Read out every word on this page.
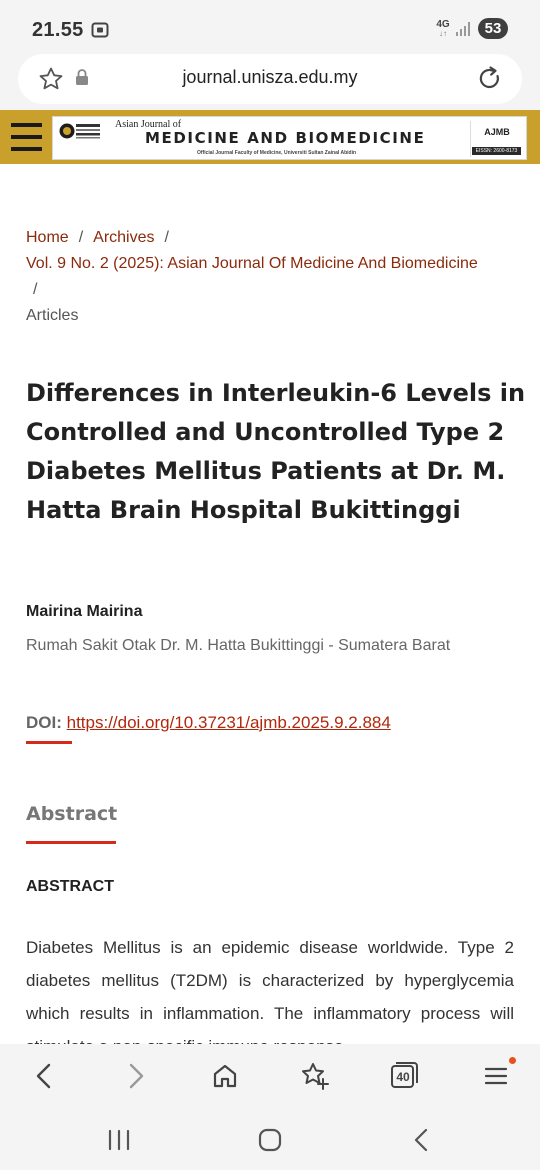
21.55	4G
↓↑	53
journal.unisza.edu.my
Asian Journal of
MEDICINE AND BIOMEDICINE
Official Journal Faculty of Medicine, Universiti Sultan Zainal Abidin
AJMB
EISSN: 2600-8173
Home / Archives /
Vol. 9 No. 2 (2025): Asian Journal Of Medicine And Biomedicine
/
Articles
Differences in Interleukin-6 Levels in Controlled and Uncontrolled Type 2 Diabetes Mellitus Patients at Dr. M. Hatta Brain Hospital Bukittinggi
Mairina Mairina
Rumah Sakit Otak Dr. M. Hatta Bukittinggi - Sumatera Barat
DOI: https://doi.org/10.37231/ajmb.2025.9.2.884
Abstract
ABSTRACT

Diabetes Mellitus is an epidemic disease worldwide. Type 2 diabetes mellitus (T2DM) is characterized by hyperglycemia which results in inflammation. The inflammatory process will

40
